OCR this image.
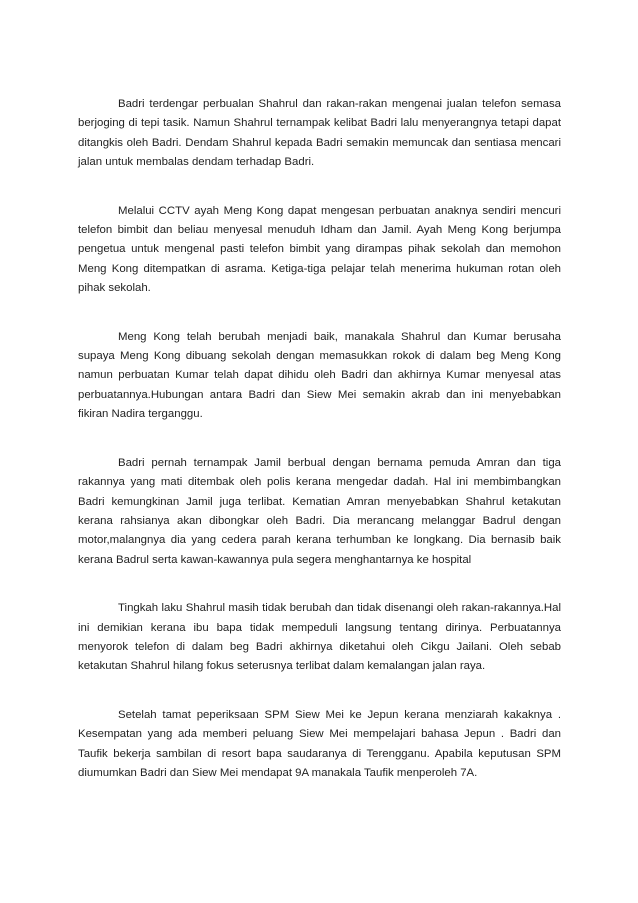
Badri terdengar perbualan Shahrul dan rakan-rakan mengenai jualan telefon semasa berjoging di tepi tasik. Namun Shahrul ternampak kelibat Badri lalu menyerangnya tetapi dapat ditangkis oleh Badri. Dendam Shahrul kepada Badri semakin memuncak dan sentiasa mencari jalan untuk membalas dendam terhadap Badri.

Melalui CCTV ayah Meng Kong dapat mengesan perbuatan anaknya sendiri mencuri telefon bimbit dan beliau menyesal menuduh Idham dan Jamil. Ayah Meng Kong berjumpa pengetua untuk mengenal pasti telefon bimbit yang dirampas pihak sekolah dan memohon Meng Kong ditempatkan di asrama. Ketiga-tiga pelajar telah menerima hukuman rotan oleh pihak sekolah.

Meng Kong telah berubah menjadi baik, manakala Shahrul dan Kumar berusaha supaya Meng Kong dibuang sekolah dengan memasukkan rokok di dalam beg Meng Kong namun perbuatan Kumar telah dapat dihidu oleh Badri dan akhirnya Kumar menyesal atas perbuatannya.Hubungan antara Badri dan Siew Mei semakin akrab dan ini menyebabkan fikiran Nadira terganggu.

Badri pernah ternampak Jamil berbual dengan bernama pemuda Amran dan tiga rakannya yang mati ditembak oleh polis kerana mengedar dadah. Hal ini membimbangkan Badri kemungkinan Jamil juga terlibat. Kematian Amran menyebabkan Shahrul ketakutan kerana rahsianya akan dibongkar oleh Badri. Dia merancang melanggar Badrul dengan motor,malangnya dia yang cedera parah kerana terhumban ke longkang. Dia bernasib baik kerana Badrul serta kawan-kawannya pula segera menghantarnya ke hospital

Tingkah laku Shahrul masih tidak berubah dan tidak disenangi oleh rakan-rakannya.Hal ini demikian kerana ibu bapa tidak mempeduli langsung tentang dirinya. Perbuatannya menyorok telefon di dalam beg Badri akhirnya diketahui oleh Cikgu Jailani. Oleh sebab ketakutan Shahrul hilang fokus seterusnya terlibat dalam kemalangan jalan raya.

Setelah tamat peperiksaan SPM Siew Mei ke Jepun kerana menziarah kakaknya . Kesempatan yang ada memberi peluang Siew Mei mempelajari bahasa Jepun . Badri dan Taufik bekerja sambilan di resort bapa saudaranya di Terengganu. Apabila keputusan SPM diumumkan Badri dan Siew Mei mendapat 9A manakala Taufik menperoleh 7A.
